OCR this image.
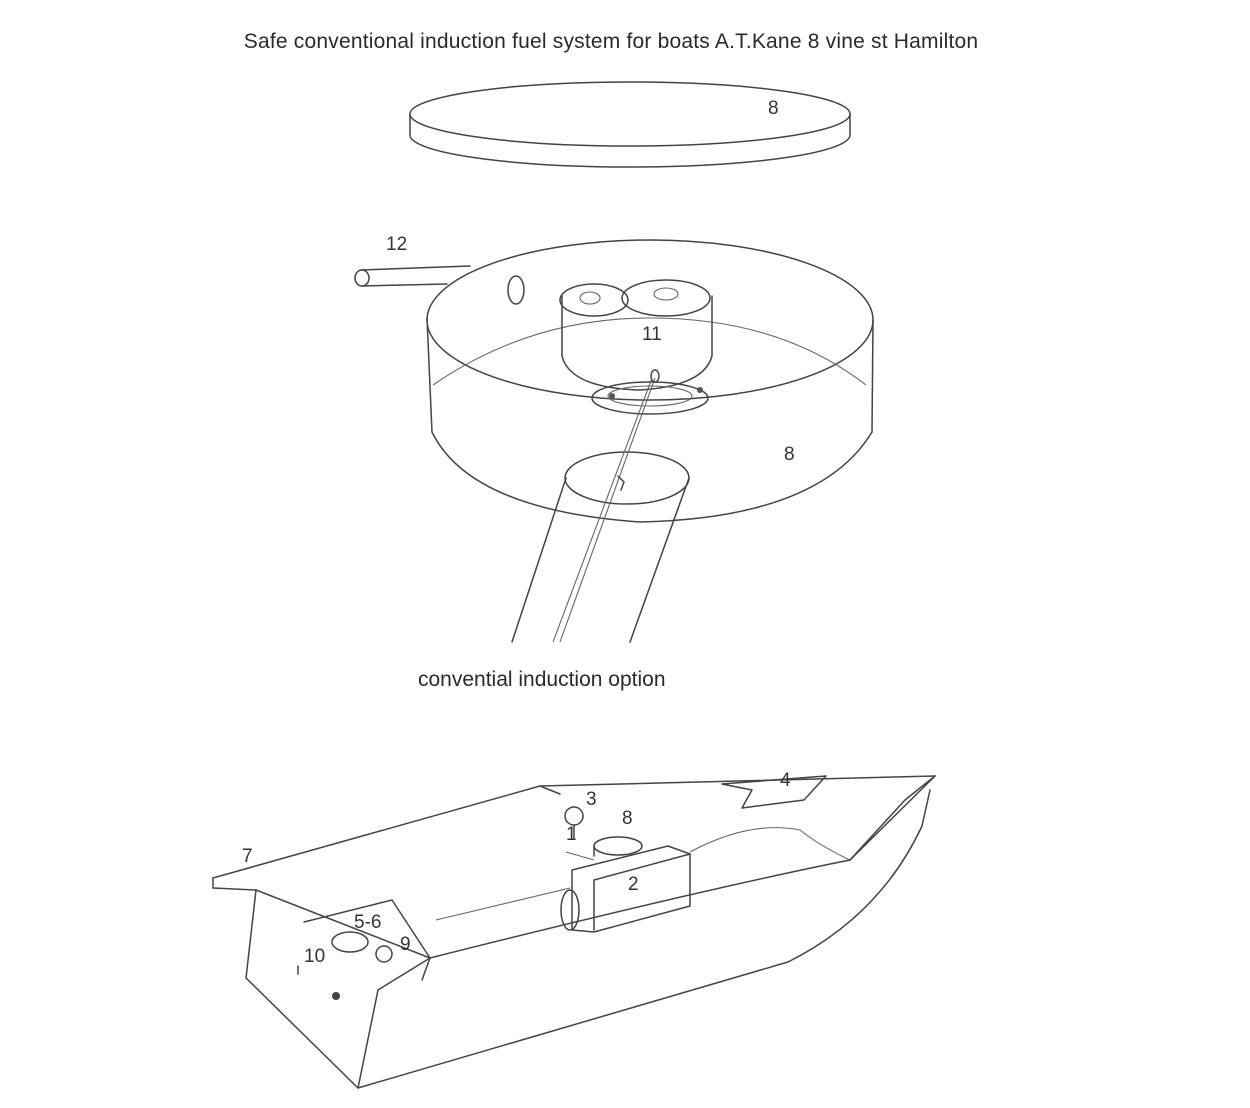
Safe conventional induction fuel system for boats A.T.Kane 8 vine st Hamilton
convential induction option
8
12
11
8
4
3
8
1
2
7
5-6
9
10
